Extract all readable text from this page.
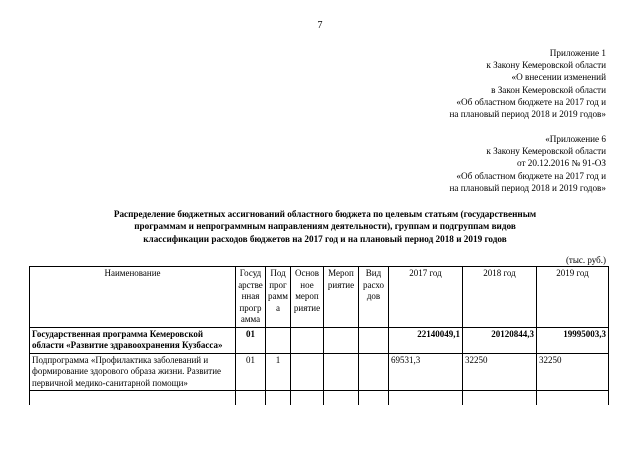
7
Приложение 1
к Закону Кемеровской области
«О внесении изменений
в Закон Кемеровской области
«Об областном бюджете на 2017 год и
на плановый период 2018 и 2019 годов»
«Приложение 6
к Закону Кемеровской области
от 20.12.2016 № 91-ОЗ
«Об областном бюджете на 2017 год и
на плановый период 2018 и 2019 годов»
Распределение бюджетных ассигнований областного бюджета по целевым статьям (государственным
программам и непрограммным направлениям деятельности), группам и подгруппам видов
классификации расходов бюджетов на 2017 год и на плановый период 2018 и 2019 годов
(тыс. руб.)
Наименование	Госуд арстве нная прогр амма	Под прог рамм а	Основ ное мероп риятие	Мероп риятие	Вид расхо дов	2017 год	2018 год	2019 год
Государственная программа Кемеровской области «Развитие здравоохранения Кузбасса»	01					22140049,1	20120844,3	19995003,3
Подпрограмма «Профилактика заболеваний и формирование здорового образа жизни. Развитие первичной медико-санитарной помощи»	01	1				69531,3	32250	32250
